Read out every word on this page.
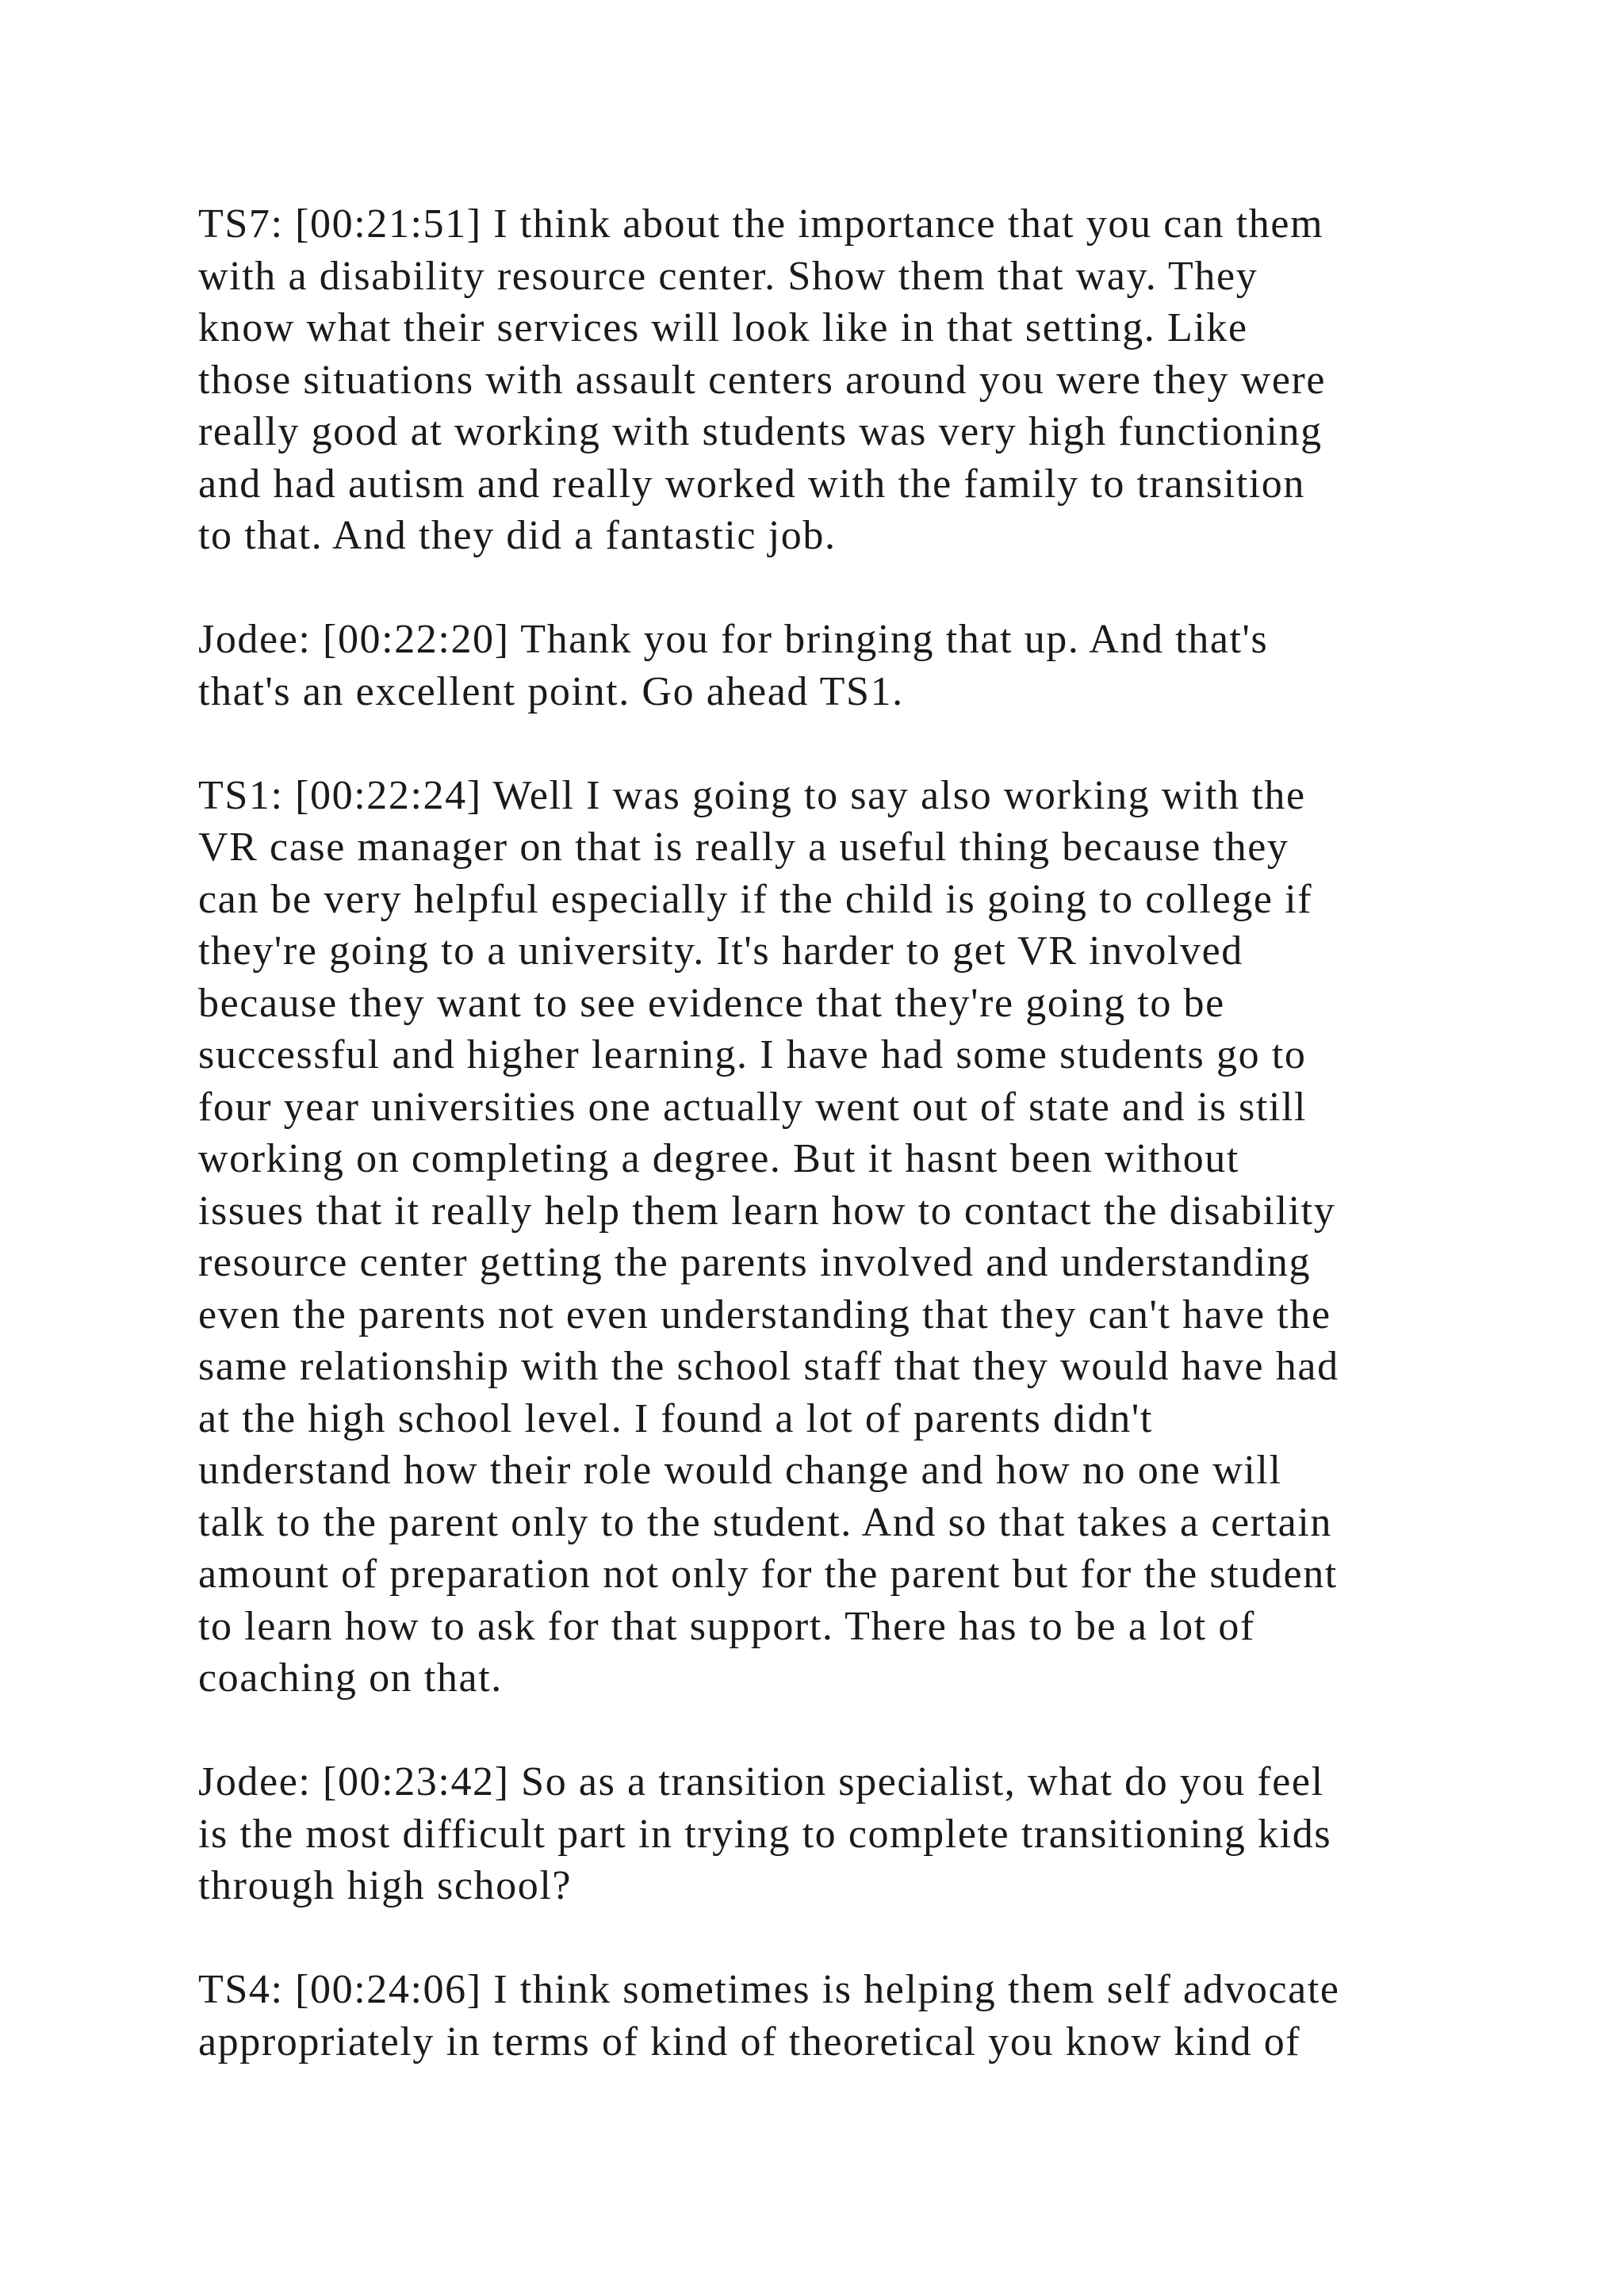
TS7: [00:21:51] I think about the importance that you can them
with a disability resource center. Show them that way. They
know what their services will look like in that setting. Like
those situations with assault centers around you were they were
really good at working with students was very high functioning
and had autism and really worked with the family to transition
to that. And they did a fantastic job.

Jodee: [00:22:20] Thank you for bringing that up. And that's
that's an excellent point. Go ahead TS1.

TS1: [00:22:24] Well I was going to say also working with the
VR case manager on that is really a useful thing because they
can be very helpful especially if the child is going to college if
they're going to a university. It's harder to get VR involved
because they want to see evidence that they're going to be
successful and higher learning. I have had some students go to
four year universities one actually went out of state and is still
working on completing a degree. But it hasnt been without
issues that it really help them learn how to contact the disability
resource center getting the parents involved and understanding
even the parents not even understanding that they can't have the
same relationship with the school staff that they would have had
at the high school level. I found a lot of parents didn't
understand how their role would change and how no one will
talk to the parent only to the student. And so that takes a certain
amount of preparation not only for the parent but for the student
to learn how to ask for that support. There has to be a lot of
coaching on that.

Jodee: [00:23:42] So as a transition specialist, what do you feel
is the most difficult part in trying to complete transitioning kids
through high school?

TS4: [00:24:06] I think sometimes is helping them self advocate
appropriately in terms of kind of theoretical you know kind of
